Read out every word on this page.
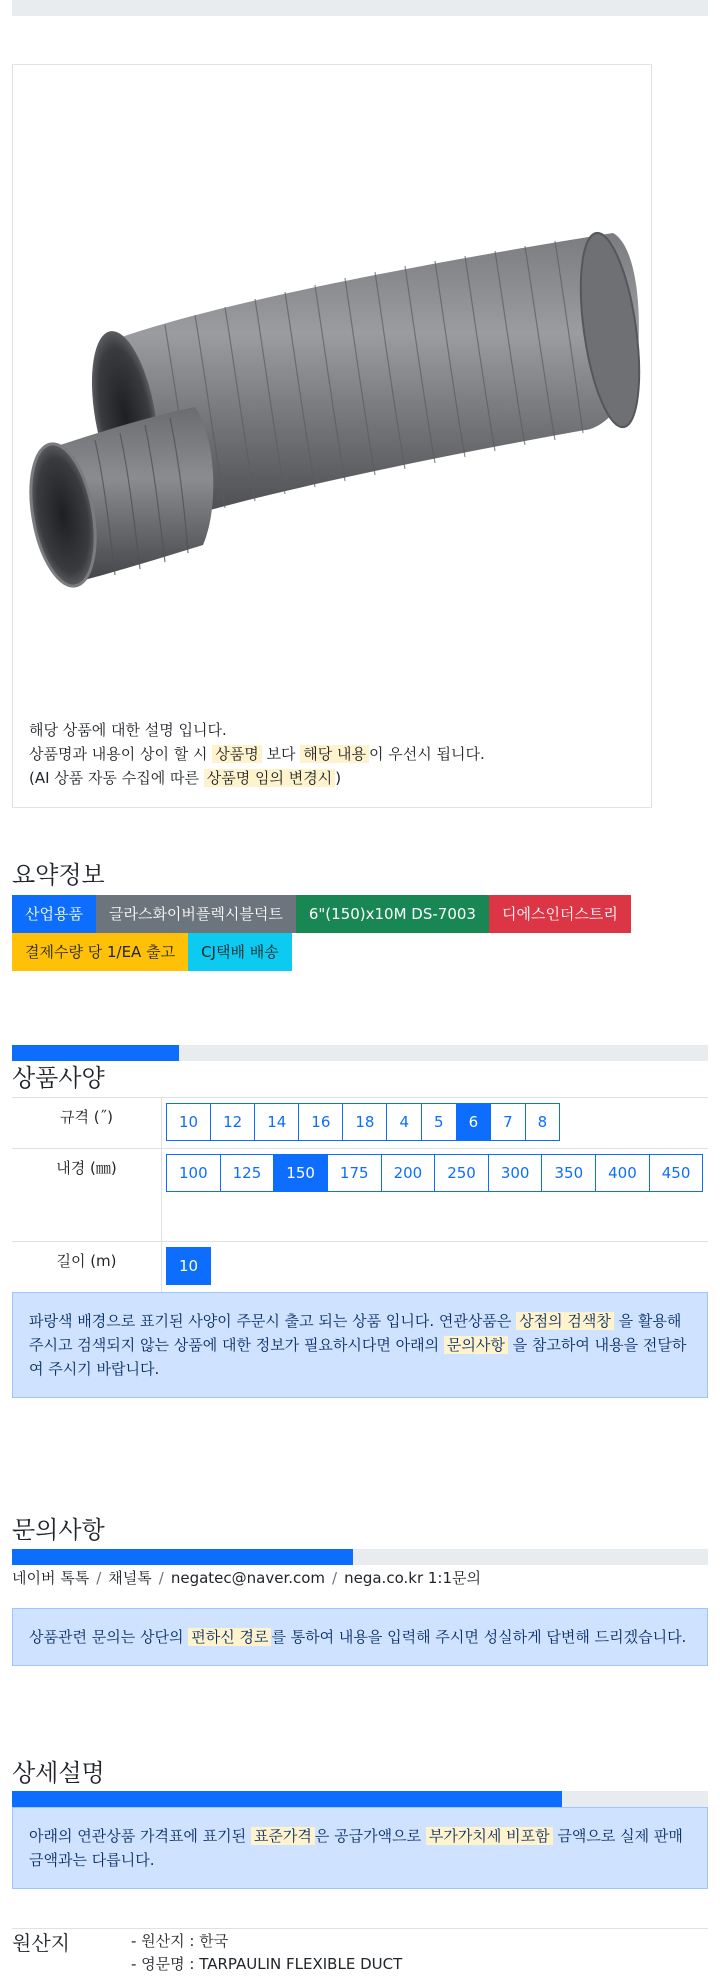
해당 상품에 대한 설명 입니다.
상품명과 내용이 상이 할 시 상품명 보다 해당 내용 이 우선시 됩니다.
(AI 상품 자동 수집에 따른 상품명 임의 변경시 )
요약정보
산업용품	글라스화이버플렉시블덕트	6"(150)x10M DS-7003	디에스인더스트리
결제수량 당 1/EA 출고	CJ택배 배송
상품사양
규격 (˝)	10	12	14	16	18	4	5	6	7	8
내경 (㎜)	100	125	150	175	200	250	300	350	400	450
길이 (m)	10
파랑색 배경으로 표기된 사양이 주문시 출고 되는 상품 입니다. 연관상품은 상점의 검색창 을 활용해 주시고 검색되지 않는 상품에 대한 정보가 필요하시다면 아래의 문의사항 을 참고하여 내용을 전달하여 주시기 바랍니다.
문의사항
네이버 톡톡 / 채널톡 / negatec@naver.com / nega.co.kr 1:1문의
상품관련 문의는 상단의 편하신 경로 를 통하여 내용을 입력해 주시면 성실하게 답변해 드리겠습니다.
상세설명
아래의 연관상품 가격표에 표기된 표준가격 은 공급가액으로 부가가치세 비포함 금액으로 실제 판매금액과는 다릅니다.
원산지	- 원산지 : 한국
- 영문명 : TARPAULIN FLEXIBLE DUCT
